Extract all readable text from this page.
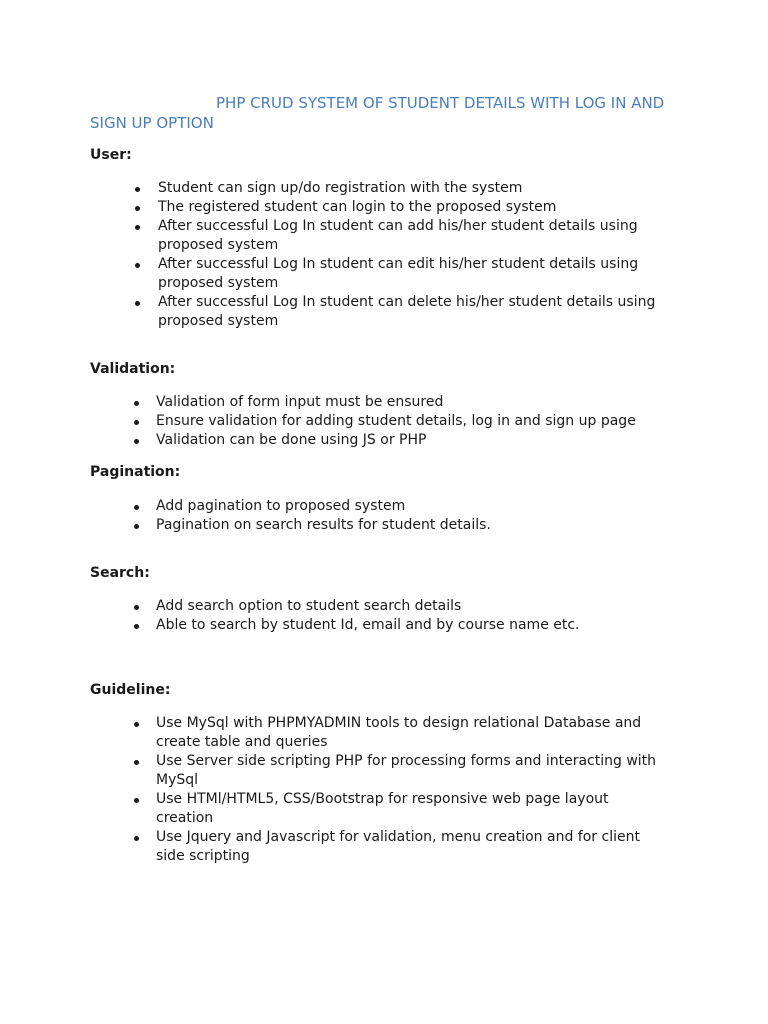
PHP CRUD SYSTEM OF STUDENT DETAILS WITH LOG IN AND SIGN UP OPTION
User:
Student can sign up/do registration with the system
The registered student can login to the proposed system
After successful Log In student can add his/her student details using proposed system
After successful Log In student can edit his/her student details using proposed system
After successful Log In student can delete his/her student details using proposed system
Validation:
Validation of form input must be ensured
Ensure validation for adding student details, log in and sign up page
Validation can be done using JS or PHP
Pagination:
Add pagination to proposed system
Pagination on search results for student details.
Search:
Add search option to student search details
Able to search by student Id, email and by course name etc.
Guideline:
Use MySql with PHPMYADMIN tools to design relational Database and create table and queries
Use Server side scripting PHP for processing forms and interacting with MySql
Use HTMl/HTML5, CSS/Bootstrap for responsive web page layout creation
Use Jquery and Javascript for validation, menu creation and for client side scripting
